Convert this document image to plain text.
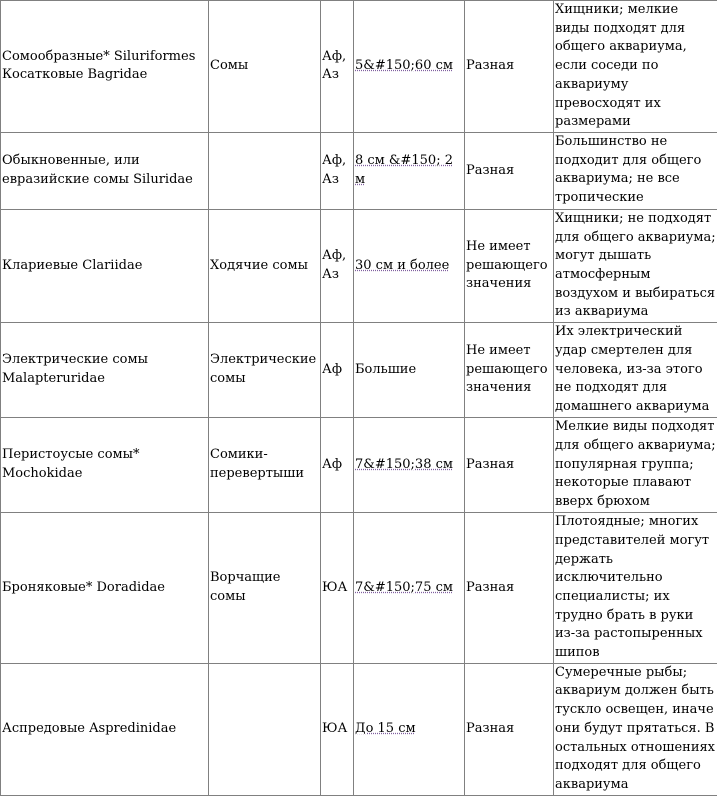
Сомообразные* Siluriformes Косатковые Bagridae	Сомы	Аф, Аз	5&#150;60 см	Разная	Хищники; мелкие виды подходят для общего аквариума, если соседи по аквариуму превосходят их размерами
Обыкновенные, или евразийские сомы Siluridae		Аф, Аз	8 см &#150; 2 м	Разная	Большинство не подходит для общего аквариума; не все тропические
Клариевые Clariidae	Ходячие сомы	Аф, Аз	30 см и более	Не имеет решающего значения	Хищники; не подходят для общего аквариума; могут дышать атмосферным воздухом и выбираться из аквариума
Электрические сомы Malapteruridae	Электрические сомы	Аф	Большие	Не имеет решающего значения	Их электрический удар смертелен для человека, из-за этого не подходят для домашнего аквариума
Перистоусые сомы* Mochokidae	Сомики-перевертыши	Аф	7&#150;38 см	Разная	Мелкие виды подходят для общего аквариума; популярная группа; некоторые плавают вверх брюхом
Броняковые* Doradidae	Ворчащие сомы	ЮА	7&#150;75 см	Разная	Плотоядные; многих представителей могут держать исключительно специалисты; их трудно брать в руки из-за растопыренных шипов
Аспредовые Aspredinidae		ЮА	До 15 см	Разная	Сумеречные рыбы; аквариум должен быть тускло освещен, иначе они будут прятаться. В остальных отношениях подходят для общего аквариума
